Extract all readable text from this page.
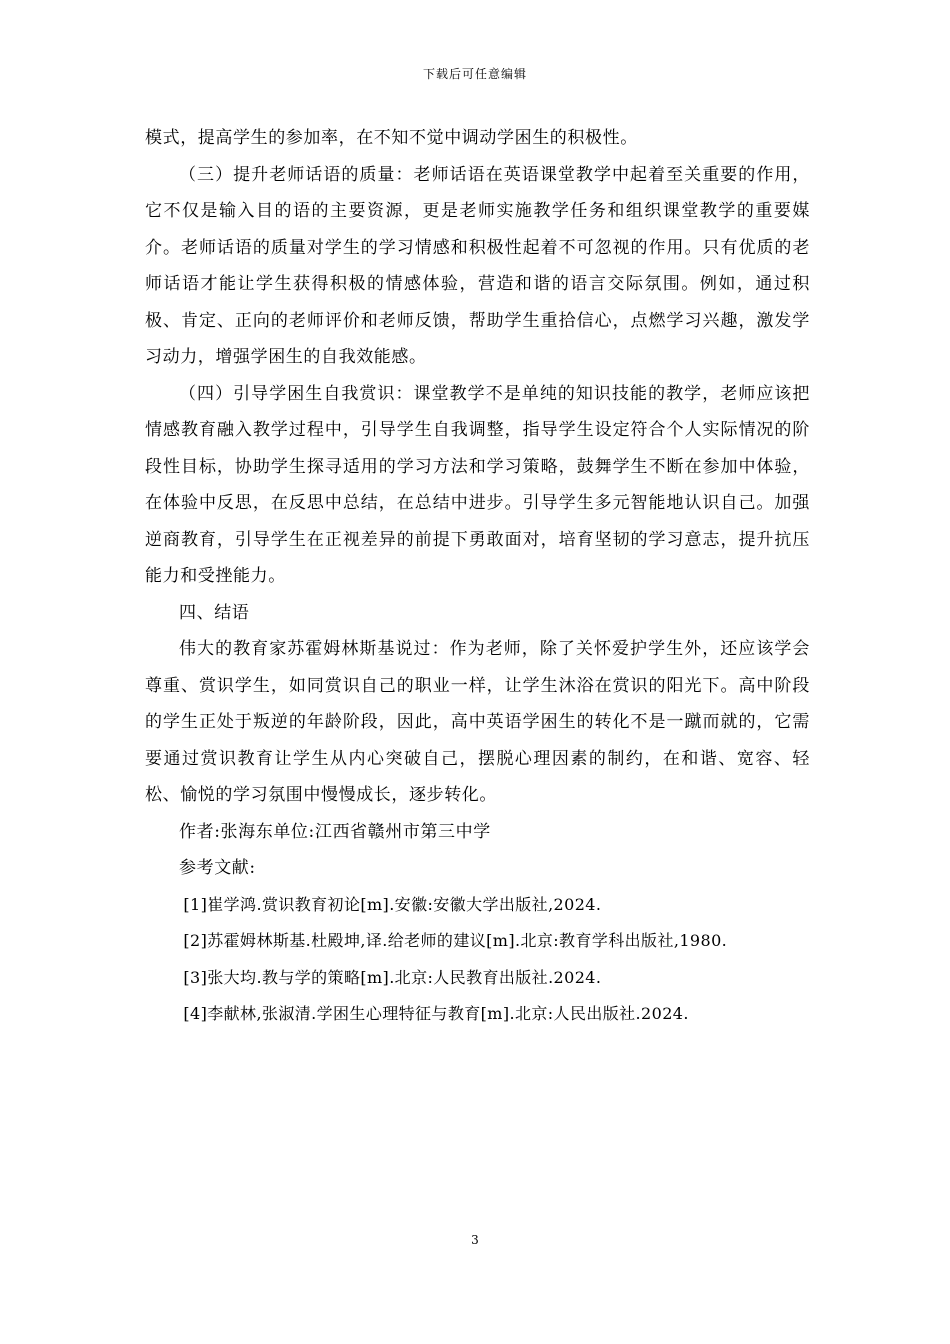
下载后可任意编辑

模式，提高学生的参加率，在不知不觉中调动学困生的积极性。

（三）提升老师话语的质量：老师话语在英语课堂教学中起着至关重要的作用，它不仅是输入目的语的主要资源，更是老师实施教学任务和组织课堂教学的重要媒介。老师话语的质量对学生的学习情感和积极性起着不可忽视的作用。只有优质的老师话语才能让学生获得积极的情感体验，营造和谐的语言交际氛围。例如，通过积极、肯定、正向的老师评价和老师反馈，帮助学生重拾信心，点燃学习兴趣，激发学习动力，增强学困生的自我效能感。

（四）引导学困生自我赏识：课堂教学不是单纯的知识技能的教学，老师应该把情感教育融入教学过程中，引导学生自我调整，指导学生设定符合个人实际情况的阶段性目标，协助学生探寻适用的学习方法和学习策略，鼓舞学生不断在参加中体验，在体验中反思，在反思中总结，在总结中进步。引导学生多元智能地认识自己。加强逆商教育，引导学生在正视差异的前提下勇敢面对，培育坚韧的学习意志，提升抗压能力和受挫能力。

四、结语

伟大的教育家苏霍姆林斯基说过：作为老师，除了关怀爱护学生外，还应该学会尊重、赏识学生，如同赏识自己的职业一样，让学生沐浴在赏识的阳光下。高中阶段的学生正处于叛逆的年龄阶段，因此，高中英语学困生的转化不是一蹴而就的，它需要通过赏识教育让学生从内心突破自己，摆脱心理因素的制约，在和谐、宽容、轻松、愉悦的学习氛围中慢慢成长，逐步转化。

作者:张海东单位:江西省赣州市第三中学

参考文献:

[1]崔学鸿.赏识教育初论[m].安徽:安徽大学出版社,2024.

[2]苏霍姆林斯基.杜殿坤,译.给老师的建议[m].北京:教育学科出版社,1980.

[3]张大均.教与学的策略[m].北京:人民教育出版社.2024.

[4]李献林,张淑清.学困生心理特征与教育[m].北京:人民出版社.2024.

3
